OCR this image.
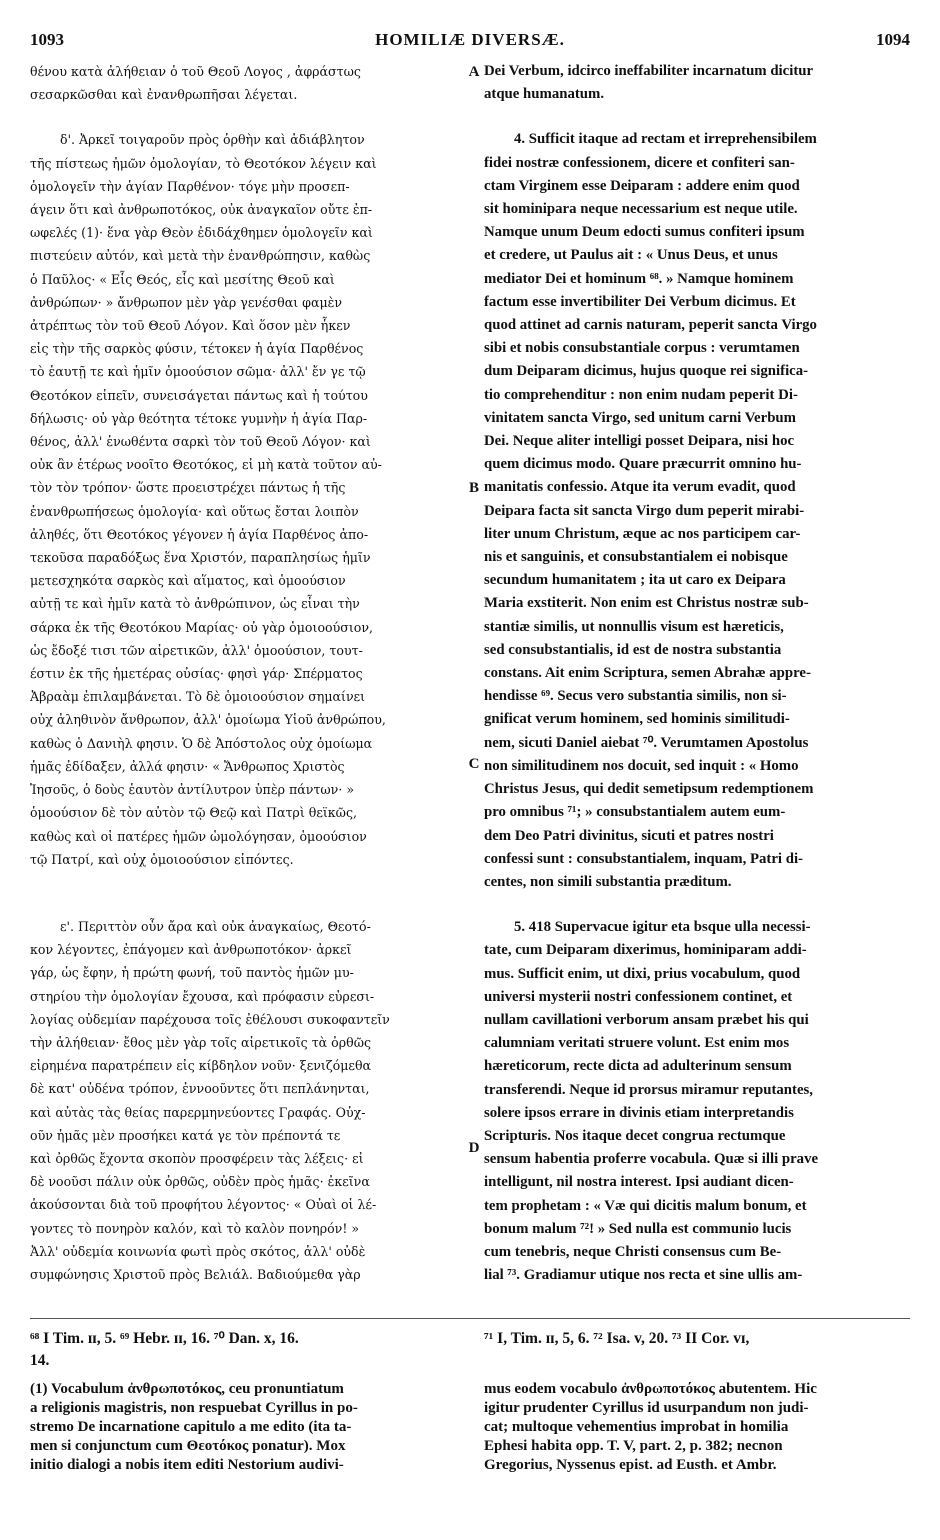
1093	HOMILIÆ DIVERSÆ.	1094
θένου κατὰ ἀλήθειαν ὁ τοῦ Θεοῦ Λογος , ἀφράστως
σεσαρκῶσθαι καὶ ἐνανθρωπῆσαι λέγεται.
δ'. Ἀρκεῖ τοιγαροῦν πρὸς ὀρθὴν καὶ ἀδιάβλητον
τῆς πίστεως ἡμῶν ὁμολογίαν, τὸ Θεοτόκον λέγειν καὶ
ὁμολογεῖν τὴν ἁγίαν Παρθένον· τόγε μὴν προσεπ-
άγειν ὅτι καὶ ἀνθρωποτόκος, οὐκ ἀναγκαῖον οὔτε ἐπ-
ωφελές (1)· ἕνα γὰρ Θεὸν ἐδιδάχθημεν ὁμολογεῖν καὶ
πιστεύειν αὐτόν, καὶ μετὰ τὴν ἐνανθρώπησιν, καθὼς
ὁ Παῦλος· « Εἷς Θεός, εἷς καὶ μεσίτης Θεοῦ καὶ
ἀνθρώπων· » ἄνθρωπον μὲν γὰρ γενέσθαι φαμὲν
ἀτρέπτως τὸν τοῦ Θεοῦ Λόγον. Καὶ ὅσον μὲν ἧκεν
εἰς τὴν τῆς σαρκὸς φύσιν, τέτοκεν ἡ ἁγία Παρθένος
τὸ ἑαυτῇ τε καὶ ἡμῖν ὁμοούσιον σῶμα· ἀλλ' ἔν γε τῷ
Θεοτόκον εἰπεῖν, συνεισάγεται πάντως καὶ ἡ τούτου
δήλωσις· οὐ γὰρ θεότητα τέτοκε γυμνὴν ἡ ἁγία Παρ-
θένος, ἀλλ' ἑνωθέντα σαρκὶ τὸν τοῦ Θεοῦ Λόγον· καὶ
οὐκ ἂν ἑτέρως νοοῖτο Θεοτόκος, εἰ μὴ κατὰ τοῦτον αὐ-
τὸν τὸν τρόπον· ὥστε προειστρέχει πάντως ἡ τῆς
ἐνανθρωπήσεως ὁμολογία· καὶ οὕτως ἔσται λοιπὸν
ἀληθές, ὅτι Θεοτόκος γέγονεν ἡ ἁγία Παρθένος ἀπο-
τεκοῦσα παραδόξως ἕνα Χριστόν, παραπλησίως ἡμῖν
μετεσχηκότα σαρκὸς καὶ αἵματος, καὶ ὁμοούσιον
αὐτῇ τε καὶ ἡμῖν κατὰ τὸ ἀνθρώπινον, ὡς εἶναι τὴν
σάρκα ἐκ τῆς Θεοτόκου Μαρίας· οὐ γὰρ ὁμοιοούσιον,
ὡς ἔδοξέ τισι τῶν αἱρετικῶν, ἀλλ' ὁμοούσιον, τουτ-
έστιν ἐκ τῆς ἡμετέρας οὐσίας· φησὶ γάρ· Σπέρματος
Ἀβραὰμ ἐπιλαμβάνεται. Τὸ δὲ ὁμοιοούσιον σημαίνει
οὐχ ἀληθινὸν ἄνθρωπον, ἀλλ' ὁμοίωμα Υἱοῦ ἀνθρώπου,
καθὼς ὁ Δανιὴλ φησιν. Ὁ δὲ Ἀπόστολος οὐχ ὁμοίωμα
ἡμᾶς ἐδίδαξεν, ἀλλά φησιν· « Ἄνθρωπος Χριστὸς
Ἰησοῦς, ὁ δοὺς ἑαυτὸν ἀντίλυτρον ὑπὲρ πάντων· »
ὁμοούσιον δὲ τὸν αὐτὸν τῷ Θεῷ καὶ Πατρὶ θεϊκῶς,
καθὼς καὶ οἱ πατέρες ἡμῶν ὡμολόγησαν, ὁμοούσιον
τῷ Πατρί, καὶ οὐχ ὁμοιοούσιον εἰπόντες.
ε'. Περιττὸν οὖν ἄρα καὶ οὐκ ἀναγκαίως, Θεοτό-
κον λέγοντες, ἐπάγομεν καὶ ἀνθρωποτόκον· ἀρκεῖ
γάρ, ὡς ἔφην, ἡ πρώτη φωνή, τοῦ παντὸς ἡμῶν μυ-
στηρίου τὴν ὁμολογίαν ἔχουσα, καὶ πρόφασιν εὑρεσι-
λογίας οὐδεμίαν παρέχουσα τοῖς ἐθέλουσι συκοφαντεῖν
τὴν ἀλήθειαν· ἔθος μὲν γὰρ τοῖς αἱρετικοῖς τὰ ὀρθῶς
εἰρημένα παρατρέπειν εἰς κίβδηλον νοῦν· ξενιζόμεθα
δὲ κατ' οὐδένα τρόπον, ἐννοοῦντες ὅτι πεπλάνηνται,
καὶ αὐτὰς τὰς θείας παρερμηνεύοντες Γραφάς. Οὐχ-
οῦν ἡμᾶς μὲν προσήκει κατά γε τὸν πρέποντά τε
καὶ ὀρθῶς ἔχοντα σκοπὸν προσφέρειν τὰς λέξεις· εἰ
δὲ νοοῦσι πάλιν οὐκ ὀρθῶς, οὐδὲν πρὸς ἡμᾶς· ἐκεῖνα
ἀκούσονται διὰ τοῦ προφήτου λέγοντος· « Οὐαὶ οἱ λέ-
γοντες τὸ πονηρὸν καλόν, καὶ τὸ καλὸν πονηρόν! »
Ἀλλ' οὐδεμία κοινωνία φωτὶ πρὸς σκότος, ἀλλ' οὐδὲ
συμφώνησις Χριστοῦ πρὸς Βελιάλ. Βαδιούμεθα γὰρ
Dei Verbum, idcirco ineffabiliter incarnatum dicitur
atque humanatum.
4. Sufficit itaque ad rectam et irreprehensibilem
fidei nostræ confessionem, dicere et confiteri san-
ctam Virginem esse Deiparam : addere enim quod
sit hominipara neque necessarium est neque utile.
Namque unum Deum edocti sumus confiteri ipsum
et credere, ut Paulus ait : « Unus Deus, et unus
mediator Dei et hominum ⁶⁸. » Namque hominem
factum esse invertibiliter Dei Verbum dicimus. Et
quod attinet ad carnis naturam, peperit sancta Virgo
sibi et nobis consubstantiale corpus : verumtamen
dum Deiparam dicimus, hujus quoque rei significa-
tio comprehenditur : non enim nudam peperit Di-
vinitatem sancta Virgo, sed unitum carni Verbum
Dei. Neque aliter intelligi posset Deipara, nisi hoc
quem dicimus modo. Quare præcurrit omnino hu-
manitatis confessio. Atque ita verum evadit, quod
Deipara facta sit sancta Virgo dum peperit mirabi-
liter unum Christum, æque ac nos participem car-
nis et sanguinis, et consubstantialem ei nobisque
secundum humanitatem ; ita ut caro ex Deipara
Maria exstiterit. Non enim est Christus nostræ sub-
stantiæ similis, ut nonnullis visum est hæreticis,
sed consubstantialis, id est de nostra substantia
constans. Ait enim Scriptura, semen Abrahæ appre-
hendisse ⁶⁹. Secus vero substantia similis, non si-
gnificat verum hominem, sed hominis similitudi-
nem, sicuti Daniel aiebat ⁷⁰. Verumtamen Apostolus
non similitudinem nos docuit, sed inquit : « Homo
Christus Jesus, qui dedit semetipsum redemptionem
pro omnibus ⁷¹; » consubstantialem autem eum-
dem Deo Patri divinitus, sicuti et patres nostri
confessi sunt : consubstantialem, inquam, Patri di-
centes, non simili substantia præditum.
5. 418 Supervacue igitur eta bsque ulla necessi-
tate, cum Deiparam dixerimus, hominiparam addi-
mus. Sufficit enim, ut dixi, prius vocabulum, quod
universi mysterii nostri confessionem continet, et
nullam cavillationi verborum ansam præbet his qui
calumniam veritati struere volunt. Est enim mos
hæreticorum, recte dicta ad adulterinum sensum
transferendi. Neque id prorsus miramur reputantes,
solere ipsos errare in divinis etiam interpretandis
Scripturis. Nos itaque decet congrua rectumque
sensum habentia proferre vocabula. Quæ si illi prave
intelligunt, nil nostra interest. Ipsi audiant dicen-
tem prophetam : « Væ qui dicitis malum bonum, et
bonum malum ⁷²! » Sed nulla est communio lucis
cum tenebris, neque Christi consensus cum Be-
lial ⁷³. Gradiamur utique nos recta et sine ullis am-
A
B
C
D
⁶⁸ I Tim. ɪɪ, 5. ⁶⁹ Hebr. ɪɪ, 16. ⁷⁰ Dan. x, 16.
14.
⁷¹ I, Tim. ɪɪ, 5, 6. ⁷² Isa. v, 20. ⁷³ II Cor. vɪ,
(1) Vocabulum ἀνθρωποτόκος, ceu pronuntiatum
a religionis magistris, non respuebat Cyrillus in po-
stremo De incarnatione capitulo a me edito (ita ta-
men si conjunctum cum Θεοτόκος ponatur). Mox
initio dialogi a nobis item editi Nestorium audivi-
mus eodem vocabulo ἀνθρωποτόκος abutentem. Hic
igitur prudenter Cyrillus id usurpandum non judi-
cat; multoque vehementius improbat in homilia
Ephesi habita opp. T. V, part. 2, p. 382; necnon
Gregorius, Nyssenus epist. ad Eusth. et Ambr.
